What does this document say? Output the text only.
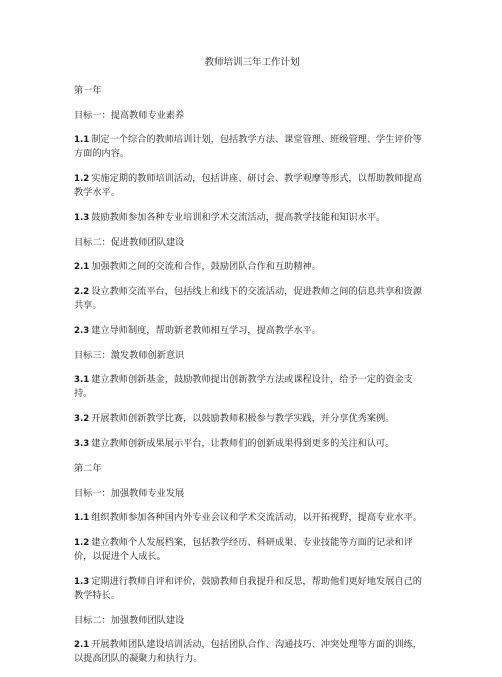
教师培训三年工作计划
第一年
目标一：提高教师专业素养
1.1 制定一个综合的教师培训计划，包括教学方法、课堂管理、班级管理、学生评价等方面的内容。
1.2 实施定期的教师培训活动，包括讲座、研讨会、教学观摩等形式，以帮助教师提高教学水平。
1.3 鼓励教师参加各种专业培训和学术交流活动，提高教学技能和知识水平。
目标二：促进教师团队建设
2.1 加强教师之间的交流和合作，鼓励团队合作和互助精神。
2.2 设立教师交流平台，包括线上和线下的交流活动，促进教师之间的信息共享和资源共享。
2.3 建立导师制度，帮助新老教师相互学习，提高教学水平。
目标三：激发教师创新意识
3.1 建立教师创新基金，鼓励教师提出创新教学方法或课程设计，给予一定的资金支持。
3.2 开展教师创新教学比赛，以鼓励教师积极参与教学实践，并分享优秀案例。
3.3 建立教师创新成果展示平台，让教师们的创新成果得到更多的关注和认可。
第二年
目标一：加强教师专业发展
1.1 组织教师参加各种国内外专业会议和学术交流活动，以开拓视野，提高专业水平。
1.2 建立教师个人发展档案，包括教学经历、科研成果、专业技能等方面的记录和评价，以促进个人成长。
1.3 定期进行教师自评和评价，鼓励教师自我提升和反思，帮助他们更好地发展自己的教学特长。
目标二：加强教师团队建设
2.1 开展教师团队建设培训活动，包括团队合作、沟通技巧、冲突处理等方面的训练，以提高团队的凝聚力和执行力。
